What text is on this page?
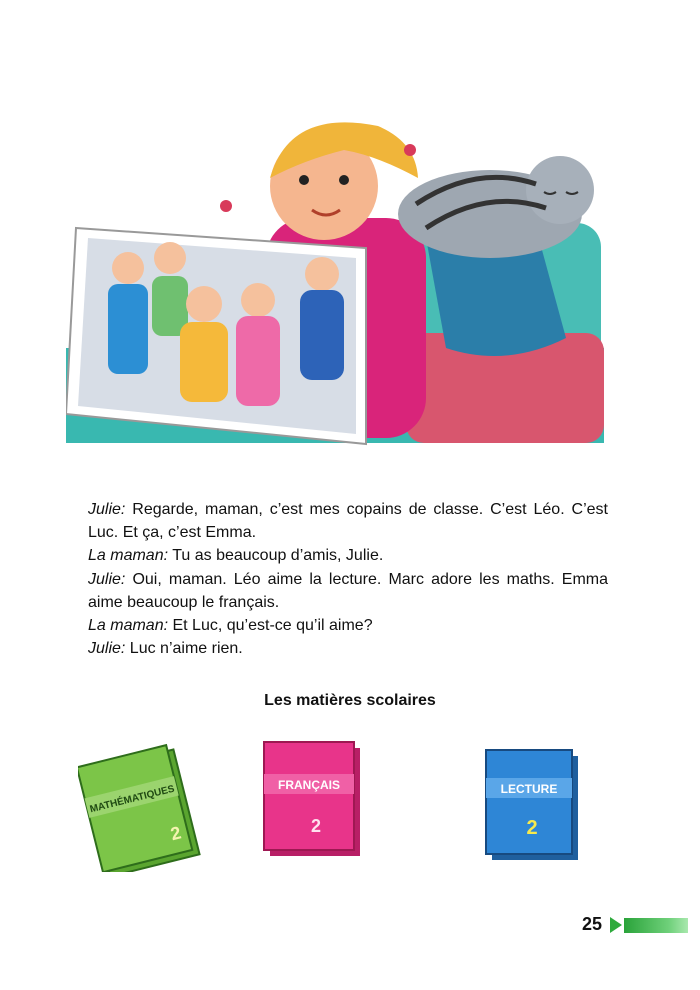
Julie: Regarde, maman, c’est mes copains de classe. C’est Léo. C’est Luc. Et ça, c’est Emma.
La maman: Tu as beaucoup d’amis, Julie.
Julie: Oui, maman. Léo aime la lecture. Marc adore les maths. Emma aime beaucoup le français.
La maman: Et Luc, qu’est-ce qu’il aime?
Julie: Luc n’aime rien.
Les matières scolaires
MATHÉMATIQUES
2
FRANÇAIS
2
LECTURE
2
25
